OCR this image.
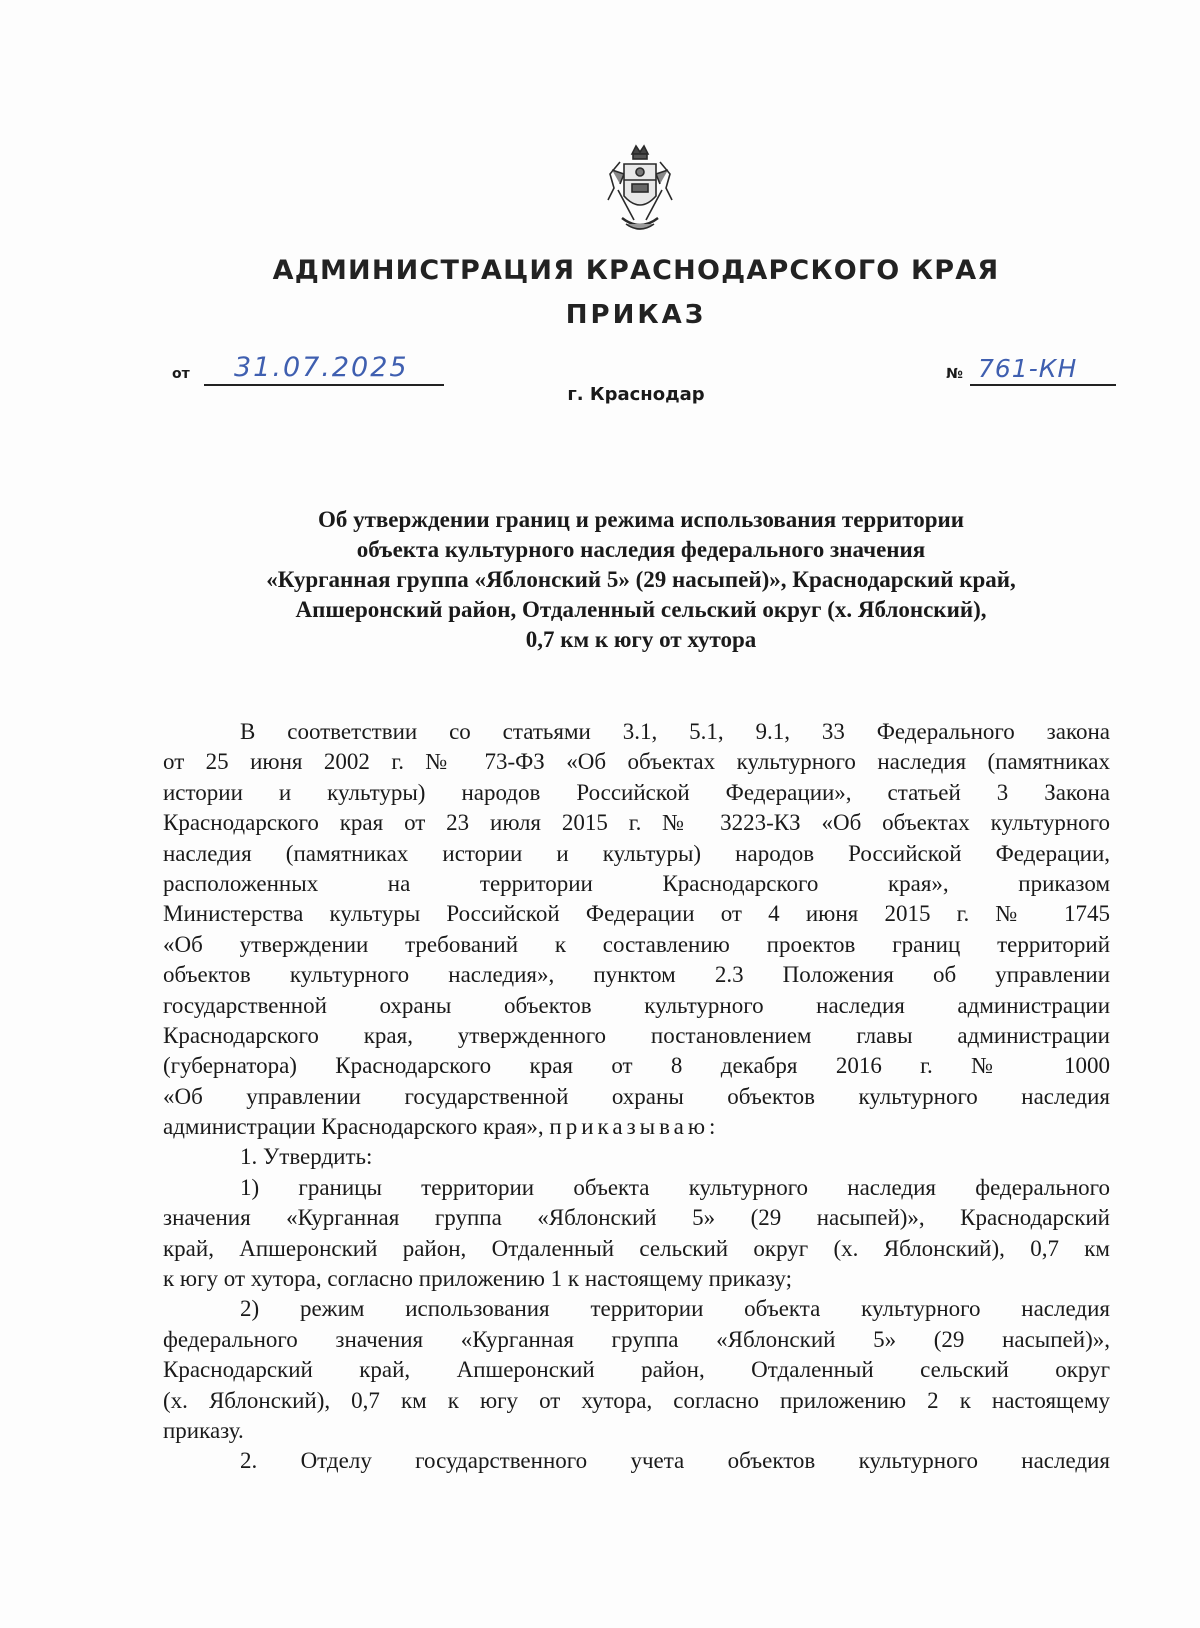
АДМИНИСТРАЦИЯ КРАСНОДАРСКОГО КРАЯ
ПРИКАЗ
от 31.07.2025	№ 761-КН
г. Краснодар
Об утверждении границ и режима использования территории
объекта культурного наследия федерального значения
«Курганная группа «Яблонский 5» (29 насыпей)», Краснодарский край,
Апшеронский район, Отдаленный сельский округ (х. Яблонский),
0,7 км к югу от хутора
В соответствии со статьями 3.1, 5.1, 9.1, 33 Федерального закона
от 25 июня 2002 г. № 73-ФЗ «Об объектах культурного наследия (памятниках
истории и культуры) народов Российской Федерации», статьей 3 Закона
Краснодарского края от 23 июля 2015 г. № 3223-КЗ «Об объектах культурного
наследия (памятниках истории и культуры) народов Российской Федерации,
расположенных на территории Краснодарского края», приказом
Министерства культуры Российской Федерации от 4 июня 2015 г. № 1745
«Об утверждении требований к составлению проектов границ территорий
объектов культурного наследия», пунктом 2.3 Положения об управлении
государственной охраны объектов культурного наследия администрации
Краснодарского края, утвержденного постановлением главы администрации
(губернатора) Краснодарского края от 8 декабря 2016 г. № 1000
«Об управлении государственной охраны объектов культурного наследия
администрации Краснодарского края», приказываю:
1. Утвердить:
1) границы территории объекта культурного наследия федерального
значения «Курганная группа «Яблонский 5» (29 насыпей)», Краснодарский
край, Апшеронский район, Отдаленный сельский округ (х. Яблонский), 0,7 км
к югу от хутора, согласно приложению 1 к настоящему приказу;
2) режим использования территории объекта культурного наследия
федерального значения «Курганная группа «Яблонский 5» (29 насыпей)»,
Краснодарский край, Апшеронский район, Отдаленный сельский округ
(х. Яблонский), 0,7 км к югу от хутора, согласно приложению 2 к настоящему
приказу.
2. Отделу государственного учета объектов культурного наследия
